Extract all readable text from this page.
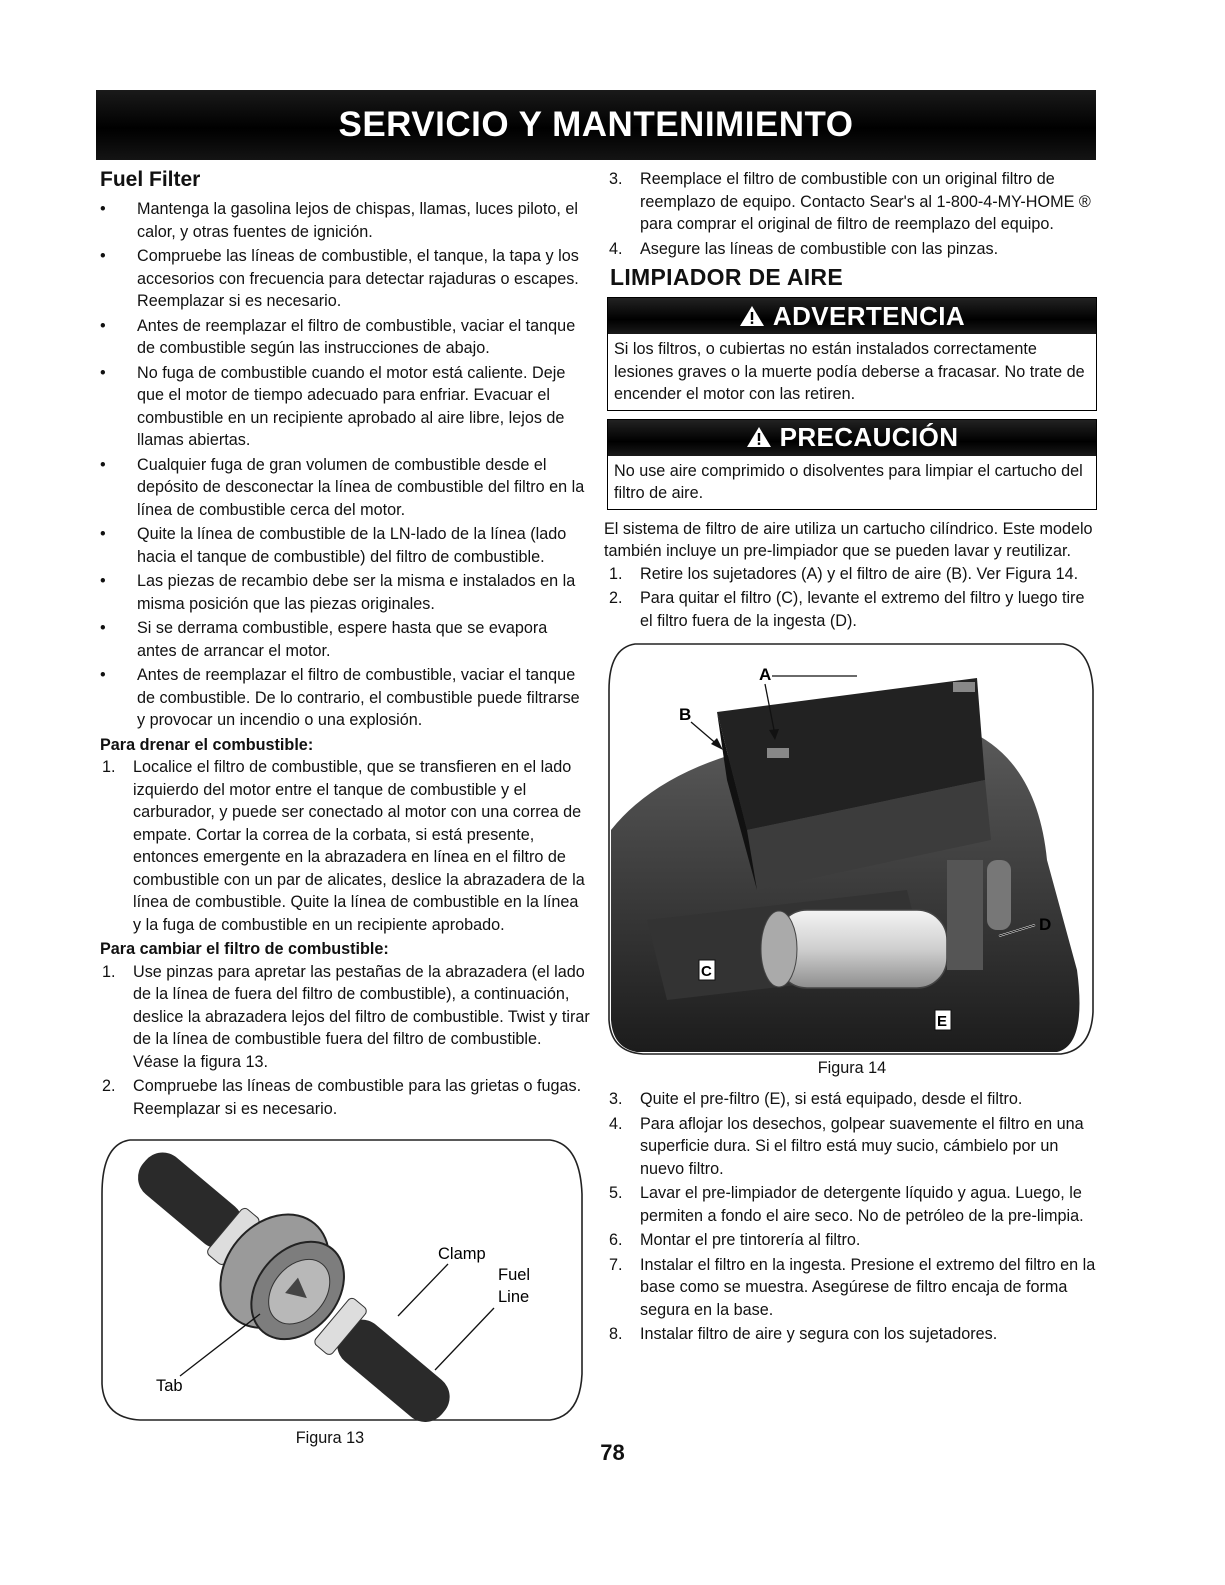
SERVICIO Y MANTENIMIENTO
Fuel Filter
• Mantenga la gasolina lejos de chispas, llamas, luces piloto, el calor, y otras fuentes de ignición.
• Compruebe las líneas de combustible, el tanque, la tapa y los accesorios con frecuencia para detectar rajaduras o escapes. Reemplazar si es necesario.
• Antes de reemplazar el filtro de combustible, vaciar el tanque de combustible según las instrucciones de abajo.
• No fuga de combustible cuando el motor está caliente. Deje que el motor de tiempo adecuado para enfriar. Evacuar el combustible en un recipiente aprobado al aire libre, lejos de llamas abiertas.
• Cualquier fuga de gran volumen de combustible desde el depósito de desconectar la línea de combustible del filtro en la línea de combustible cerca del motor.
• Quite la línea de combustible de la LN-lado de la línea (lado hacia el tanque de combustible) del filtro de combustible.
• Las piezas de recambio debe ser la misma e instalados en la misma posición que las piezas originales.
• Si se derrama combustible, espere hasta que se evapora antes de arrancar el motor.
• Antes de reemplazar el filtro de combustible, vaciar el tanque de combustible. De lo contrario, el combustible puede filtrarse y provocar un incendio o una explosión.
Para drenar el combustible:
1. Localice el filtro de combustible, que se transfieren en el lado izquierdo del motor entre el tanque de combustible y el carburador, y puede ser conectado al motor con una correa de empate. Cortar la correa de la corbata, si está presente, entonces emergente en la abrazadera en línea en el filtro de combustible con un par de alicates, deslice la abrazadera de la línea de combustible. Quite la línea de combustible en la línea y la fuga de combustible en un recipiente aprobado.
Para cambiar el filtro de combustible:
1. Use pinzas para apretar las pestañas de la abrazadera (el lado de la línea de fuera del filtro de combustible), a continuación, deslice la abrazadera lejos del filtro de combustible. Twist y tirar de la línea de combustible fuera del filtro de combustible. Véase la figura 13.
2. Compruebe las líneas de combustible para las grietas o fugas. Reemplazar si es necesario.
Clamp
Fuel
Line
Tab
Figura 13
3. Reemplace el filtro de combustible con un original filtro de reemplazo de equipo. Contacto Sear's al 1-800-4-MY-HOME ® para comprar el original de filtro de reemplazo del equipo.
4. Asegure las líneas de combustible con las pinzas.
LIMPIADOR DE AIRE
ADVERTENCIA
Si los filtros, o cubiertas no están instalados correctamente lesiones graves o la muerte podía deberse a fracasar. No trate de encender el motor con las retiren.
PRECAUCIÓN
No use aire comprimido o disolventes para limpiar el cartucho del filtro de aire.

El sistema de filtro de aire utiliza un cartucho cilíndrico. Este modelo también incluye un pre-limpiador que se pueden lavar y reutilizar.

1. Retire los sujetadores (A) y el filtro de aire (B). Ver Figura 14.
2. Para quitar el filtro (C), levante el extremo del filtro y luego tire el filtro fuera de la ingesta (D).
A
B
D
C
E
Figura 14
3. Quite el pre-filtro (E), si está equipado, desde el filtro.
4. Para aflojar los desechos, golpear suavemente el filtro en una superficie dura. Si el filtro está muy sucio, cámbielo por un nuevo filtro.
5. Lavar el pre-limpiador de detergente líquido y agua. Luego, le permiten a fondo el aire seco. No de petróleo de la pre-limpia.
6. Montar el pre tintorería al filtro.
7. Instalar el filtro en la ingesta. Presione el extremo del filtro en la base como se muestra. Asegúrese de filtro encaja de forma segura en la base.
8. Instalar filtro de aire y segura con los sujetadores.
78
